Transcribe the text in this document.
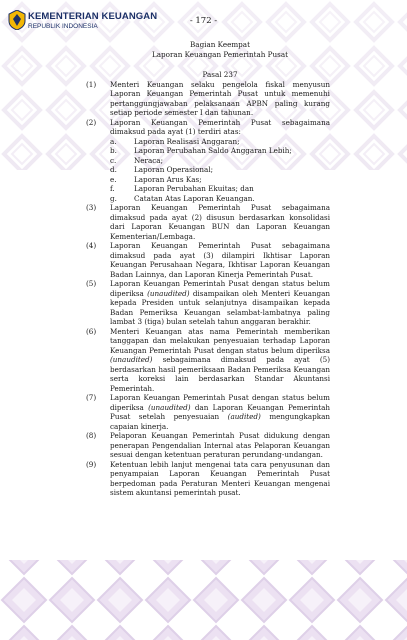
KEMENTERIAN KEUANGAN
REPUBLIK INDONESIA	- 172 -
Bagian Keempat
Laporan Keuangan Pemerintah Pusat
Pasal 237
(1)	Menteri Keuangan selaku pengelola fiskal menyusun Laporan Keuangan Pemerintah Pusat untuk memenuhi pertanggungjawaban pelaksanaan APBN paling kurang setiap periode semester I dan tahunan.
(2)	Laporan Keuangan Pemerintah Pusat sebagaimana dimaksud pada ayat (1) terdiri atas:
a.	Laporan Realisasi Anggaran;
b.	Laporan Perubahan Saldo Anggaran Lebih;
c.	Neraca;
d.	Laporan Operasional;
e.	Laporan Arus Kas;
f.	Laporan Perubahan Ekuitas; dan
g.	Catatan Atas Laporan Keuangan.
(3)	Laporan Keuangan Pemerintah Pusat sebagaimana dimaksud pada ayat (2) disusun berdasarkan konsolidasi dari Laporan Keuangan BUN dan Laporan Keuangan Kementerian/Lembaga.
(4)	Laporan Keuangan Pemerintah Pusat sebagaimana dimaksud pada ayat (3) dilampiri Ikhtisar Laporan Keuangan Perusahaan Negara, Ikhtisar Laporan Keuangan Badan Lainnya, dan Laporan Kinerja Pemerintah Pusat.
(5)	Laporan Keuangan Pemerintah Pusat dengan status belum diperiksa (unaudited) disampaikan oleh Menteri Keuangan kepada Presiden untuk selanjutnya disampaikan kepada Badan Pemeriksa Keuangan selambat-lambatnya paling lambat 3 (tiga) bulan setelah tahun anggaran berakhir.
(6)	Menteri Keuangan atas nama Pemerintah memberikan tanggapan dan melakukan penyesuaian terhadap Laporan Keuangan Pemerintah Pusat dengan status belum diperiksa (unaudited) sebagaimana dimaksud pada ayat (5) berdasarkan hasil pemeriksaan Badan Pemeriksa Keuangan serta koreksi lain berdasarkan Standar Akuntansi Pemerintah.
(7)	Laporan Keuangan Pemerintah Pusat dengan status belum diperiksa (unaudited) dan Laporan Keuangan Pemerintah Pusat setelah penyesuaian (audited) mengungkapkan capaian kinerja.
(8)	Pelaporan Keuangan Pemerintah Pusat didukung dengan penerapan Pengendalian Internal atas Pelaporan Keuangan sesuai dengan ketentuan peraturan perundang-undangan.
(9)	Ketentuan lebih lanjut mengenai tata cara penyusunan dan penyampaian Laporan Keuangan Pemerintah Pusat berpedoman pada Peraturan Menteri Keuangan mengenai sistem akuntansi pemerintah pusat.
